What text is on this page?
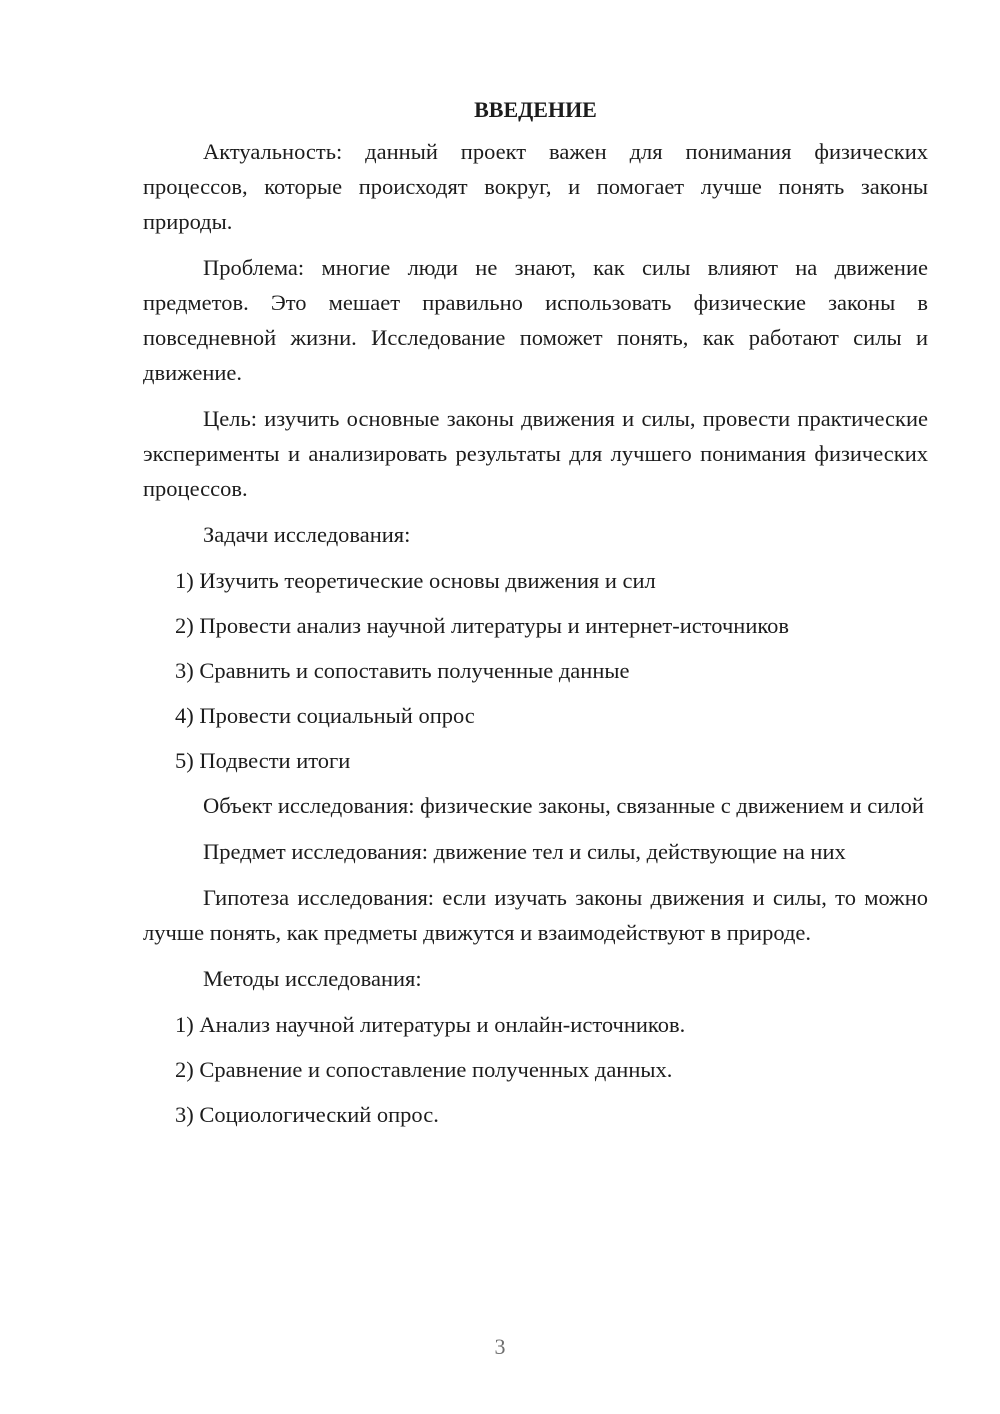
ВВЕДЕНИЕ

Актуальность: данный проект важен для понимания физических процессов, которые происходят вокруг, и помогает лучше понять законы природы.

Проблема: многие люди не знают, как силы влияют на движение предметов. Это мешает правильно использовать физические законы в повседневной жизни. Исследование поможет понять, как работают силы и движение.

Цель: изучить основные законы движения и силы, провести практические эксперименты и анализировать результаты для лучшего понимания физических процессов.

Задачи исследования:

1) Изучить теоретические основы движения и сил

2) Провести анализ научной литературы и интернет-источников

3) Сравнить и сопоставить полученные данные

4) Провести социальный опрос

5) Подвести итоги

Объект исследования: физические законы, связанные с движением и силой

Предмет исследования: движение тел и силы, действующие на них

Гипотеза исследования: если изучать законы движения и силы, то можно лучше понять, как предметы движутся и взаимодействуют в природе.

Методы исследования:

1) Анализ научной литературы и онлайн-источников.

2) Сравнение и сопоставление полученных данных.

3) Социологический опрос.

3
